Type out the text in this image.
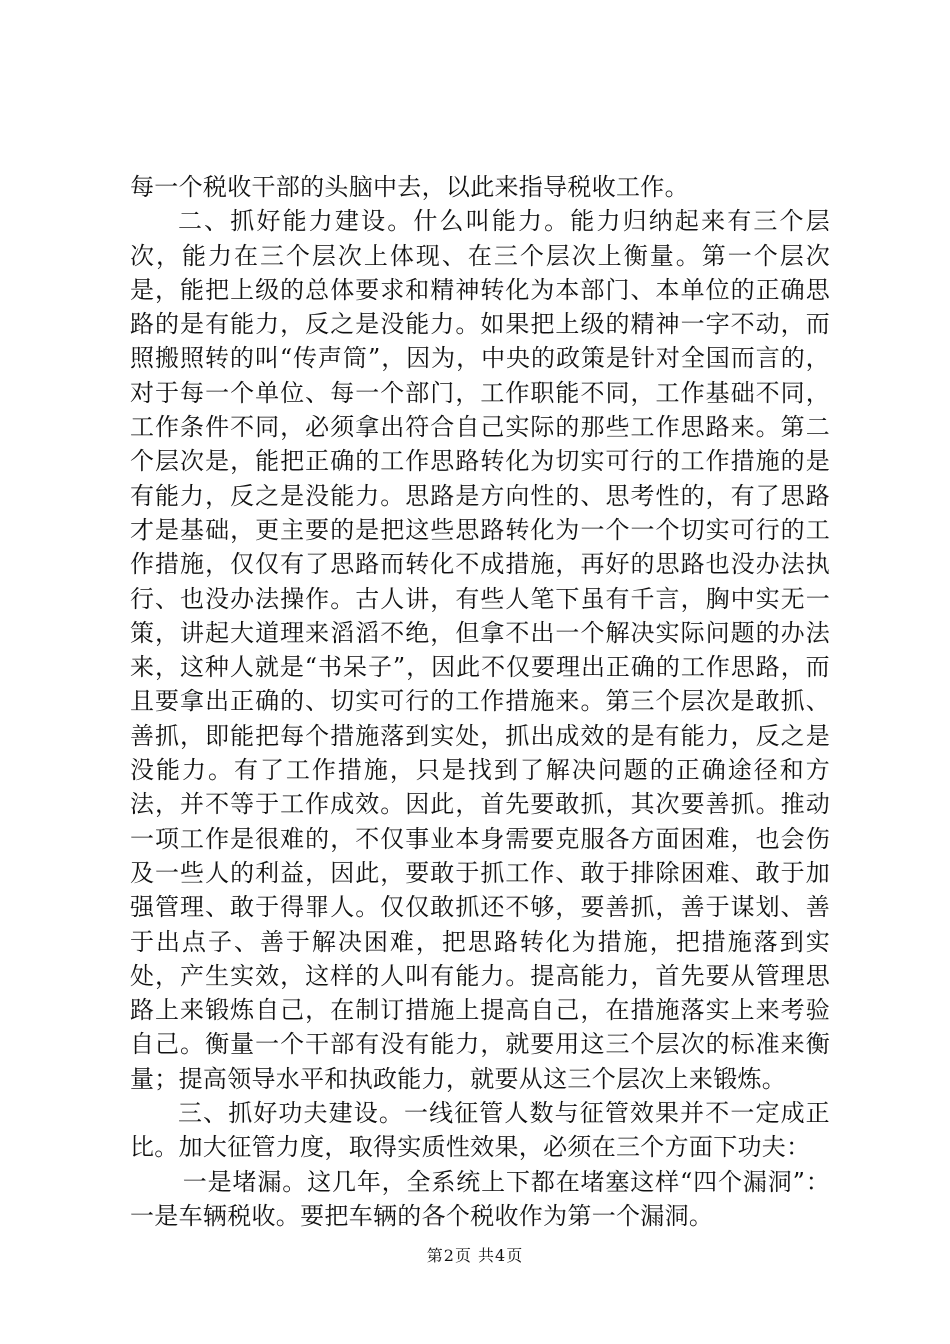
每一个税收干部的头脑中去，以此来指导税收工作。

二、抓好能力建设。什么叫能力。能力归纳起来有三个层次，能力在三个层次上体现、在三个层次上衡量。第一个层次是，能把上级的总体要求和精神转化为本部门、本单位的正确思路的是有能力，反之是没能力。如果把上级的精神一字不动，而照搬照转的叫“传声筒”，因为，中央的政策是针对全国而言的，对于每一个单位、每一个部门，工作职能不同，工作基础不同，工作条件不同，必须拿出符合自己实际的那些工作思路来。第二个层次是，能把正确的工作思路转化为切实可行的工作措施的是有能力，反之是没能力。思路是方向性的、思考性的，有了思路才是基础，更主要的是把这些思路转化为一个一个切实可行的工作措施，仅仅有了思路而转化不成措施，再好的思路也没办法执行、也没办法操作。古人讲，有些人笔下虽有千言，胸中实无一策，讲起大道理来滔滔不绝，但拿不出一个解决实际问题的办法来，这种人就是“书呆子”，因此不仅要理出正确的工作思路，而且要拿出正确的、切实可行的工作措施来。第三个层次是敢抓、善抓，即能把每个措施落到实处，抓出成效的是有能力，反之是没能力。有了工作措施，只是找到了解决问题的正确途径和方法，并不等于工作成效。因此，首先要敢抓，其次要善抓。推动一项工作是很难的，不仅事业本身需要克服各方面困难，也会伤及一些人的利益，因此，要敢于抓工作、敢于排除困难、敢于加强管理、敢于得罪人。仅仅敢抓还不够，要善抓，善于谋划、善于出点子、善于解决困难，把思路转化为措施，把措施落到实处，产生实效，这样的人叫有能力。提高能力，首先要从管理思路上来锻炼自己，在制订措施上提高自己，在措施落实上来考验自己。衡量一个干部有没有能力，就要用这三个层次的标准来衡量；提高领导水平和执政能力，就要从这三个层次上来锻炼。

三、抓好功夫建设。一线征管人数与征管效果并不一定成正比。加大征管力度，取得实质性效果，必须在三个方面下功夫：

一是堵漏。这几年，全系统上下都在堵塞这样“四个漏洞”：一是车辆税收。要把车辆的各个税收作为第一个漏洞。

第2页 共4页
